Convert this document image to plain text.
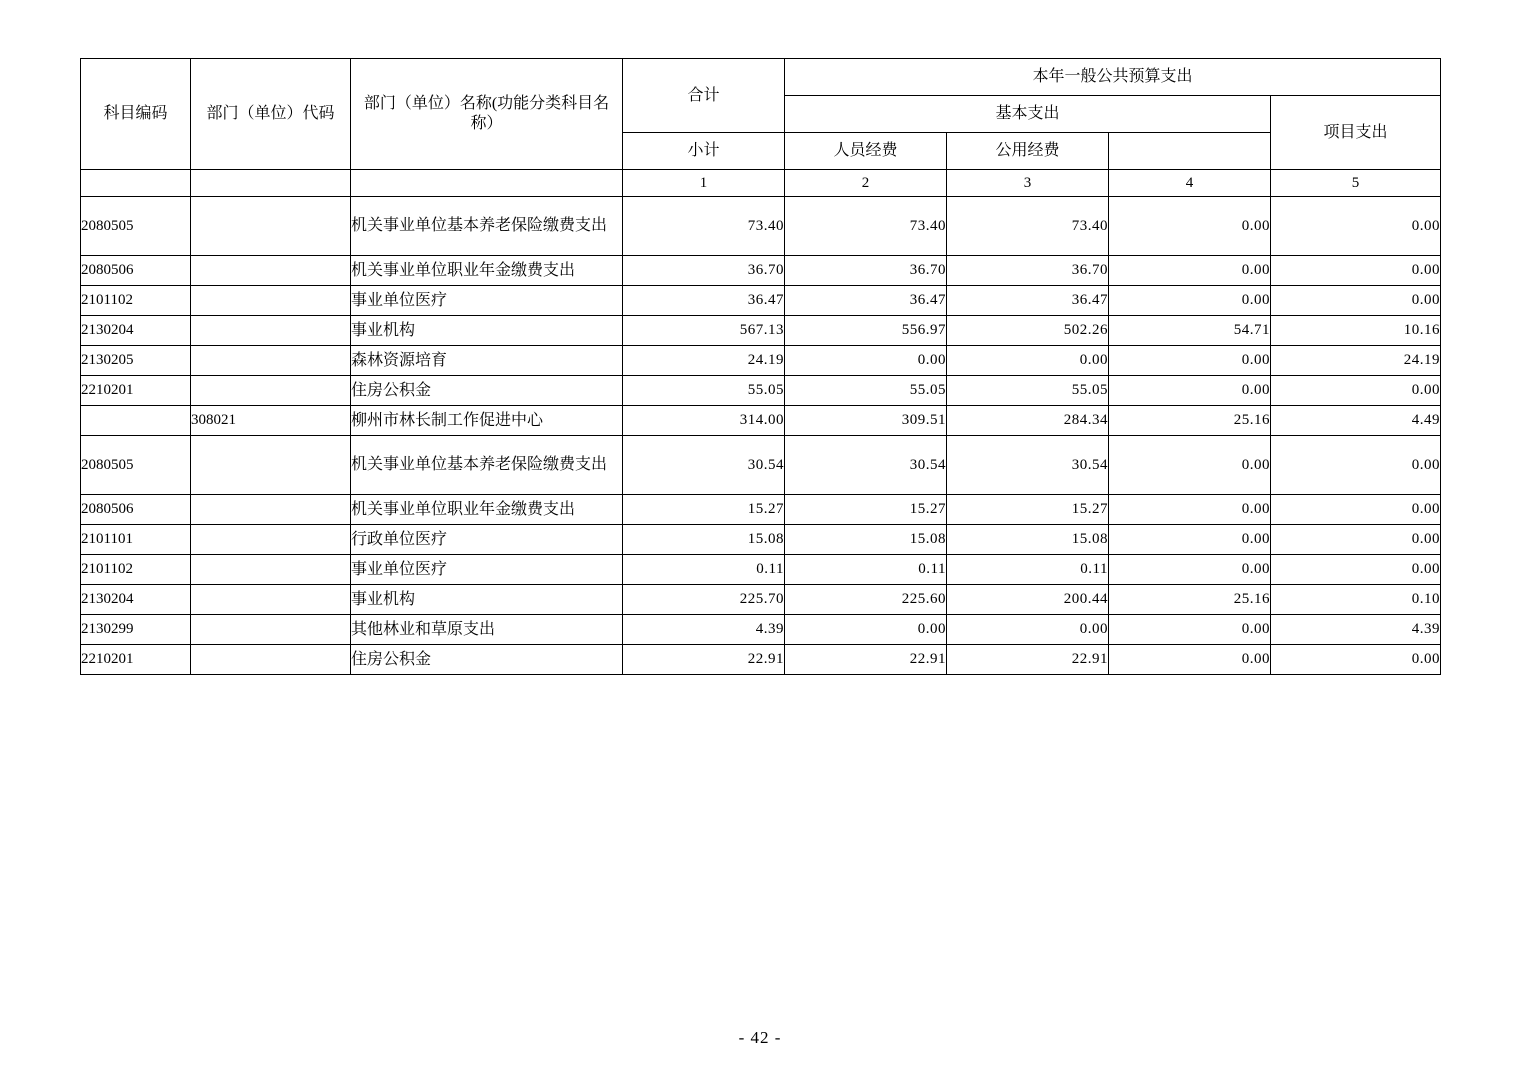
科目编码	部门（单位）代码	部门（单位）名称(功能分类科目名称）	合计	本年一般公共预算支出			
				基本支出			项目支出
			小计	人员经费	公用经费		
			1	2	3	4	5
2080505		机关事业单位基本养老保险缴费支出	73.40	73.40	73.40	0.00	0.00
2080506		机关事业单位职业年金缴费支出	36.70	36.70	36.70	0.00	0.00
2101102		事业单位医疗	36.47	36.47	36.47	0.00	0.00
2130204		事业机构	567.13	556.97	502.26	54.71	10.16
2130205		森林资源培育	24.19	0.00	0.00	0.00	24.19
2210201		住房公积金	55.05	55.05	55.05	0.00	0.00
	308021	柳州市林长制工作促进中心	314.00	309.51	284.34	25.16	4.49
2080505		机关事业单位基本养老保险缴费支出	30.54	30.54	30.54	0.00	0.00
2080506		机关事业单位职业年金缴费支出	15.27	15.27	15.27	0.00	0.00
2101101		行政单位医疗	15.08	15.08	15.08	0.00	0.00
2101102		事业单位医疗	0.11	0.11	0.11	0.00	0.00
2130204		事业机构	225.70	225.60	200.44	25.16	0.10
2130299		其他林业和草原支出	4.39	0.00	0.00	0.00	4.39
2210201		住房公积金	22.91	22.91	22.91	0.00	0.00
- 42 -
